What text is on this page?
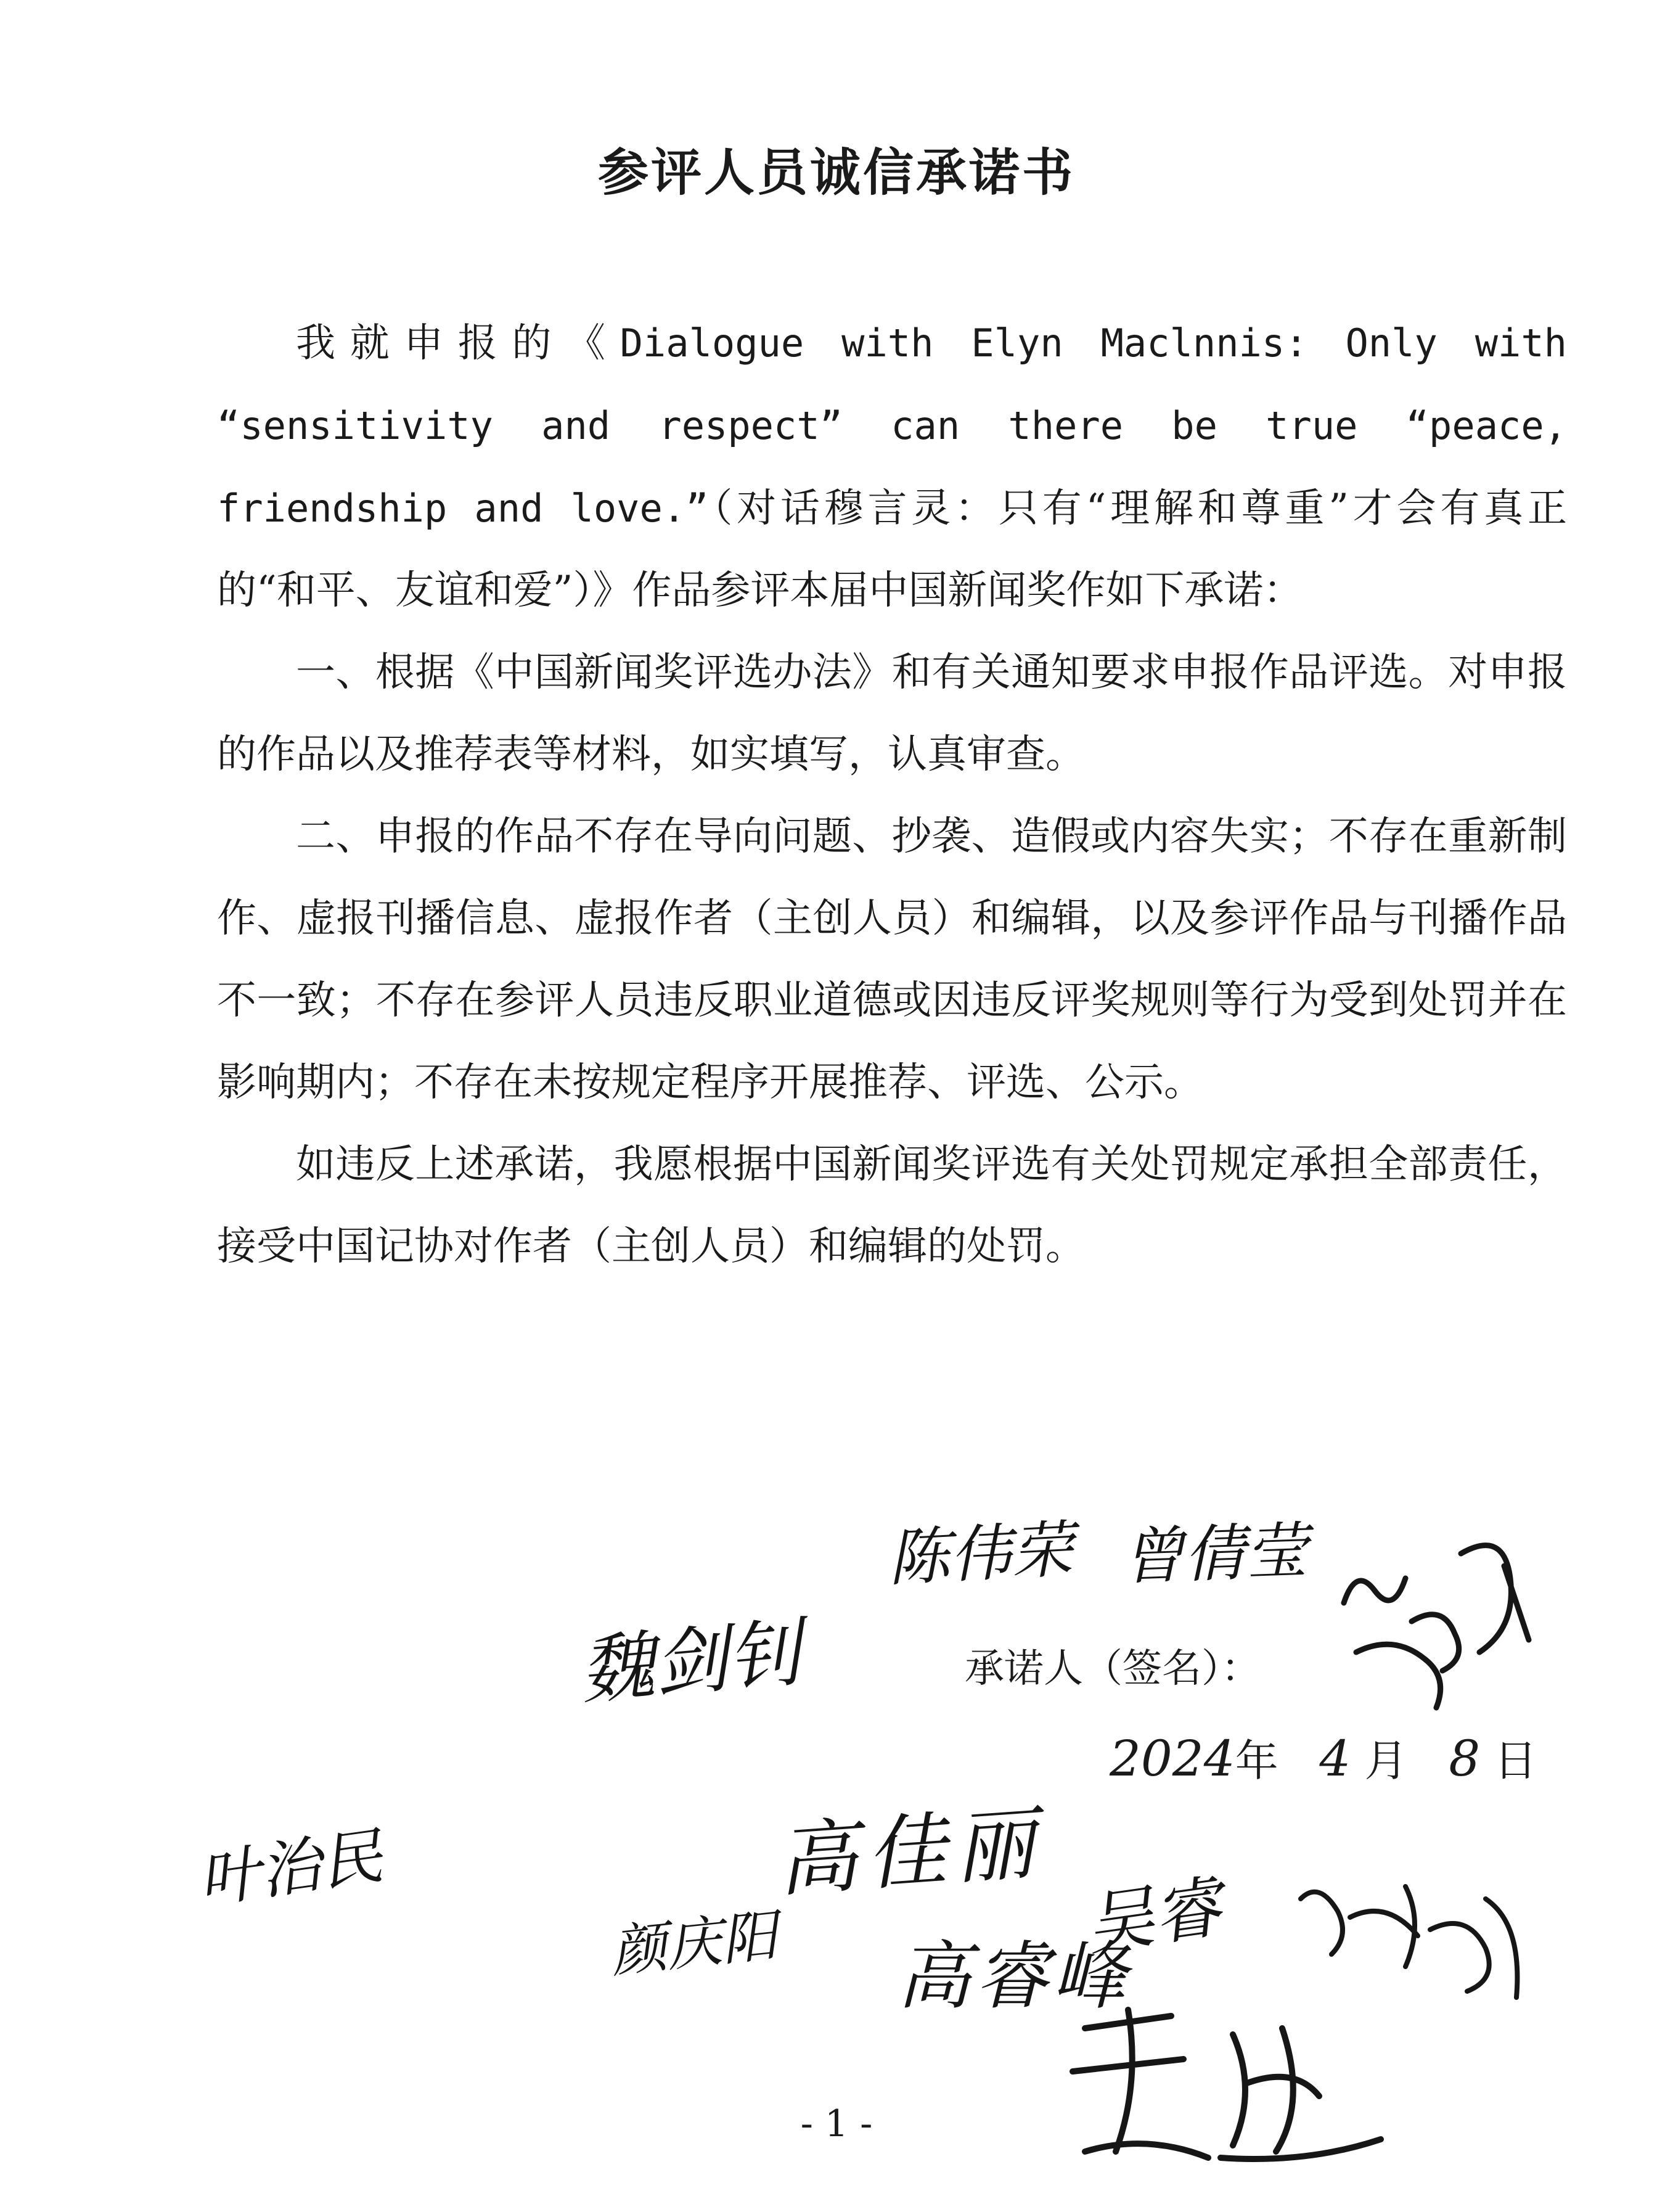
参评人员诚信承诺书

我就申报的《Dialogue with Elyn Maclnnis: Only with “sensitivity and respect” can there be true “peace, friendship and love.”（对话穆言灵：只有“理解和尊重”才会有真正的“和平、友谊和爱”）》作品参评本届中国新闻奖作如下承诺：

一、根据《中国新闻奖评选办法》和有关通知要求申报作品评选。对申报的作品以及推荐表等材料，如实填写，认真审查。

二、申报的作品不存在导向问题、抄袭、造假或内容失实；不存在重新制作、虚报刊播信息、虚报作者（主创人员）和编辑，以及参评作品与刊播作品不一致；不存在参评人员违反职业道德或因违反评奖规则等行为受到处罚并在影响期内；不存在未按规定程序开展推荐、评选、公示。

如违反上述承诺，我愿根据中国新闻奖评选有关处罚规定承担全部责任，接受中国记协对作者（主创人员）和编辑的处罚。

承诺人（签名）：

2024年 4 月 8 日
魏剑钊
陈伟荣 曾倩莹
叶治民	高佳丽
颜庆阳 高睿峰
吴睿
- 1 -
